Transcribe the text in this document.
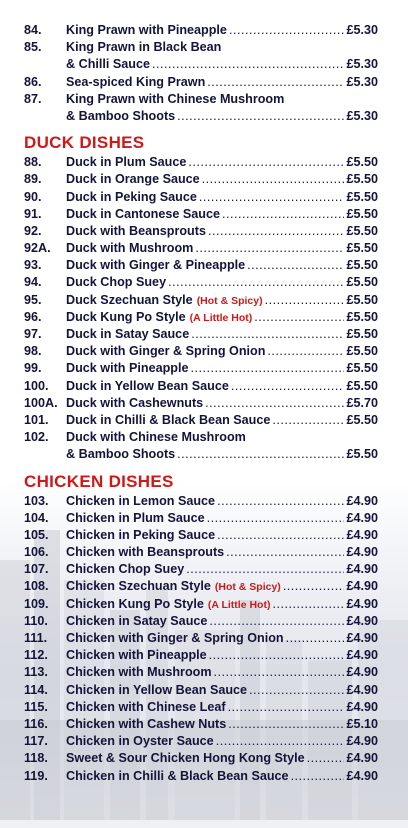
84. King Prawn with Pineapple .....	£5.30
85. King Prawn in Black Bean
& Chilli Sauce .....	£5.30
86. Sea-spiced King Prawn .....	£5.30
87. King Prawn with Chinese Mushroom
& Bamboo Shoots .....	£5.30
DUCK DISHES
88. Duck in Plum Sauce .....	£5.50
89. Duck in Orange Sauce .....	£5.50
90. Duck in Peking Sauce .....	£5.50
91. Duck in Cantonese Sauce .....	£5.50
92. Duck with Beansprouts .....	£5.50
92A. Duck with Mushroom .....	£5.50
93. Duck with Ginger & Pineapple .....	£5.50
94. Duck Chop Suey .....	£5.50
95. Duck Szechuan Style (Hot & Spicy) .....	£5.50
96. Duck Kung Po Style (A Little Hot) .....	£5.50
97. Duck in Satay Sauce .....	£5.50
98. Duck with Ginger & Spring Onion .....	£5.50
99. Duck with Pineapple .....	£5.50
100. Duck in Yellow Bean Sauce .....	£5.50
100A. Duck with Cashewnuts .....	£5.70
101. Duck in Chilli & Black Bean Sauce .....	£5.50
102. Duck with Chinese Mushroom
& Bamboo Shoots .....	£5.50
CHICKEN DISHES
103. Chicken in Lemon Sauce .....	£4.90
104. Chicken in Plum Sauce .....	£4.90
105. Chicken in Peking Sauce .....	£4.90
106. Chicken with Beansprouts .....	£4.90
107. Chicken Chop Suey .....	£4.90
108. Chicken Szechuan Style (Hot & Spicy) .....	£4.90
109. Chicken Kung Po Style (A Little Hot) .....	£4.90
110. Chicken in Satay Sauce .....	£4.90
111. Chicken with Ginger & Spring Onion .....	£4.90
112. Chicken with Pineapple .....	£4.90
113. Chicken with Mushroom .....	£4.90
114. Chicken in Yellow Bean Sauce .....	£4.90
115. Chicken with Chinese Leaf .....	£4.90
116. Chicken with Cashew Nuts .....	£5.10
117. Chicken in Oyster Sauce .....	£4.90
118. Sweet & Sour Chicken Hong Kong Style .....	£4.90
119. Chicken in Chilli & Black Bean Sauce .....	£4.90
